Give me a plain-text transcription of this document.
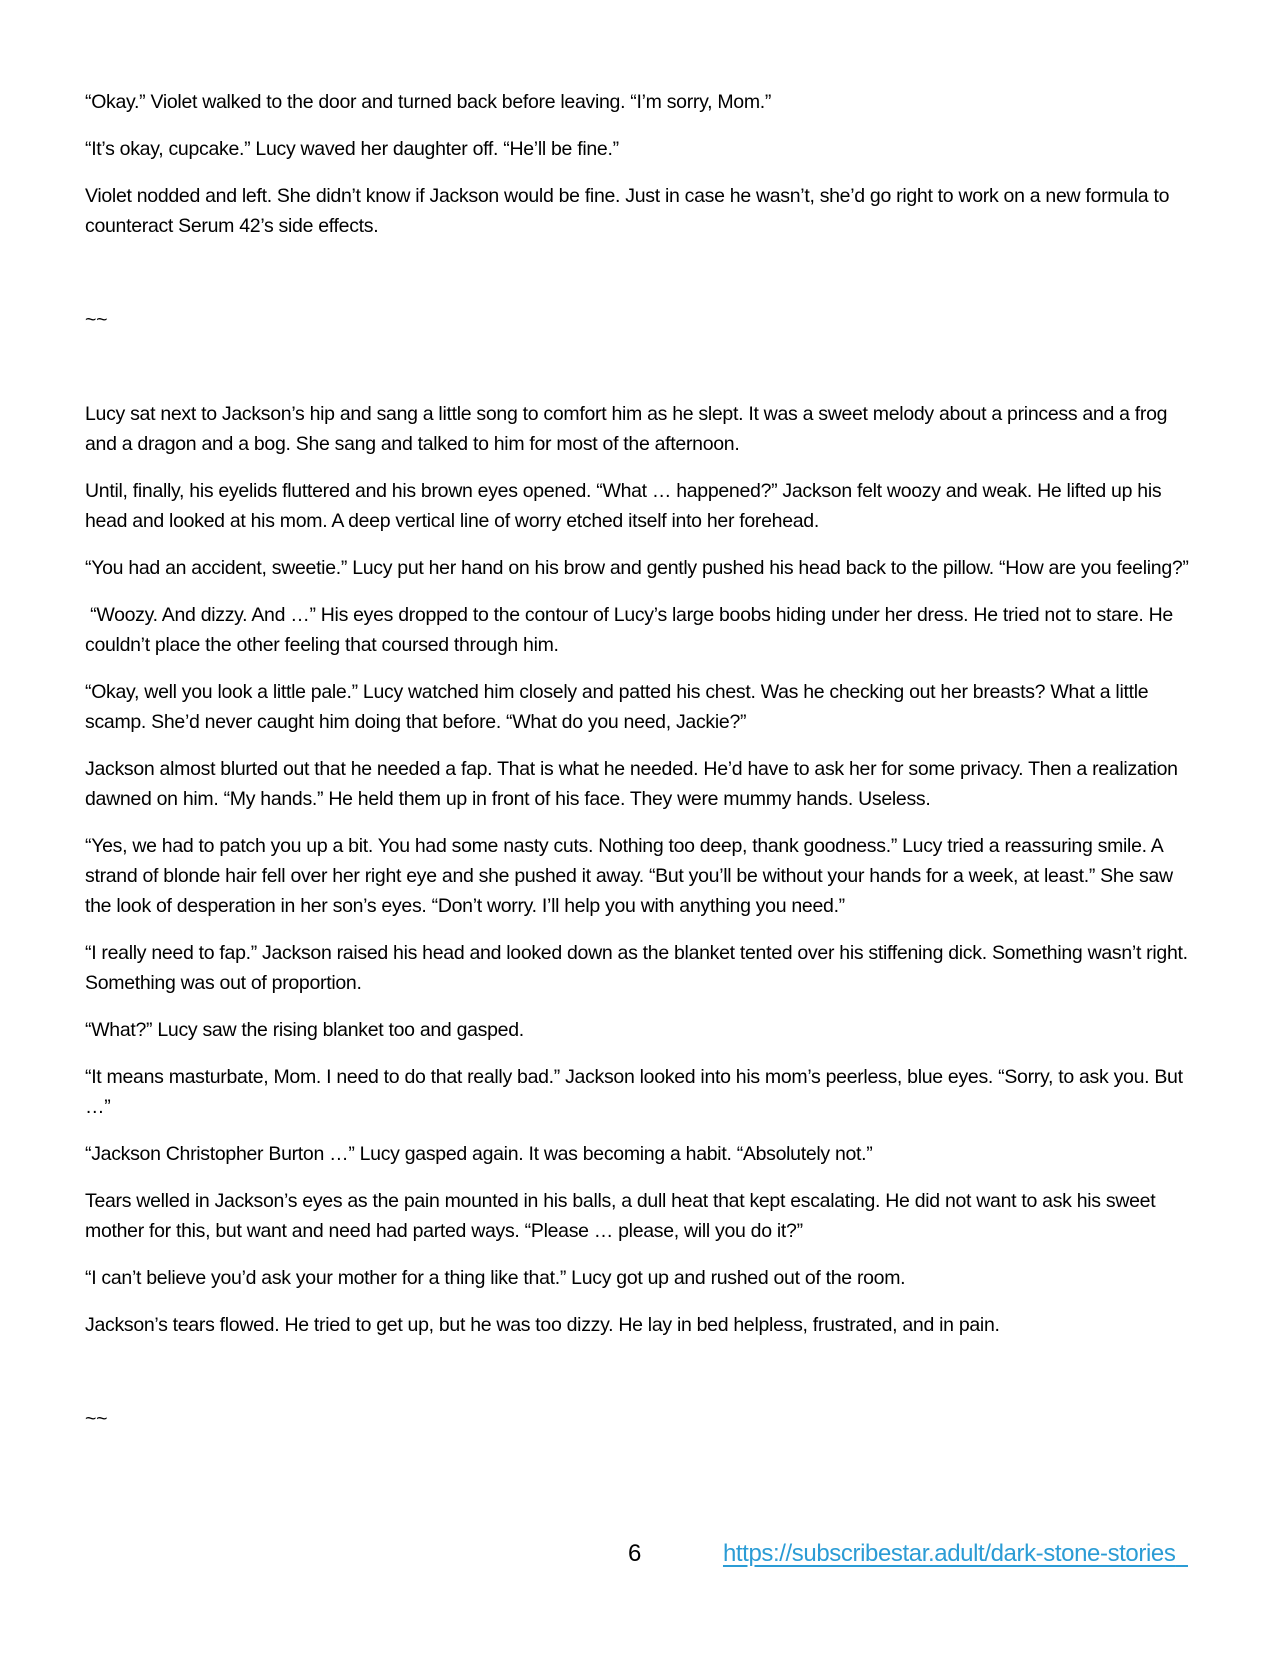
“Okay.” Violet walked to the door and turned back before leaving. “I’m sorry, Mom.”

“It’s okay, cupcake.” Lucy waved her daughter off. “He’ll be fine.”

Violet nodded and left. She didn’t know if Jackson would be fine. Just in case he wasn’t, she’d go right to work on a new formula to counteract Serum 42’s side effects.

~~

Lucy sat next to Jackson’s hip and sang a little song to comfort him as he slept. It was a sweet melody about a princess and a frog and a dragon and a bog. She sang and talked to him for most of the afternoon.

Until, finally, his eyelids fluttered and his brown eyes opened. “What … happened?” Jackson felt woozy and weak. He lifted up his head and looked at his mom. A deep vertical line of worry etched itself into her forehead.

“You had an accident, sweetie.” Lucy put her hand on his brow and gently pushed his head back to the pillow. “How are you feeling?”

“Woozy. And dizzy. And …” His eyes dropped to the contour of Lucy’s large boobs hiding under her dress. He tried not to stare. He couldn’t place the other feeling that coursed through him.

“Okay, well you look a little pale.” Lucy watched him closely and patted his chest. Was he checking out her breasts? What a little scamp. She’d never caught him doing that before. “What do you need, Jackie?”

Jackson almost blurted out that he needed a fap. That is what he needed. He’d have to ask her for some privacy. Then a realization dawned on him. “My hands.” He held them up in front of his face. They were mummy hands. Useless.

“Yes, we had to patch you up a bit. You had some nasty cuts. Nothing too deep, thank goodness.” Lucy tried a reassuring smile. A strand of blonde hair fell over her right eye and she pushed it away. “But you’ll be without your hands for a week, at least.” She saw the look of desperation in her son’s eyes. “Don’t worry. I’ll help you with anything you need.”

“I really need to fap.” Jackson raised his head and looked down as the blanket tented over his stiffening dick. Something wasn’t right. Something was out of proportion.

“What?” Lucy saw the rising blanket too and gasped.

“It means masturbate, Mom. I need to do that really bad.” Jackson looked into his mom’s peerless, blue eyes. “Sorry, to ask you. But …”

“Jackson Christopher Burton …” Lucy gasped again. It was becoming a habit. “Absolutely not.”

Tears welled in Jackson’s eyes as the pain mounted in his balls, a dull heat that kept escalating. He did not want to ask his sweet mother for this, but want and need had parted ways. “Please … please, will you do it?”

“I can’t believe you’d ask your mother for a thing like that.” Lucy got up and rushed out of the room.

Jackson’s tears flowed. He tried to get up, but he was too dizzy. He lay in bed helpless, frustrated, and in pain.

~~

6	https://subscribestar.adult/dark-stone-stories
